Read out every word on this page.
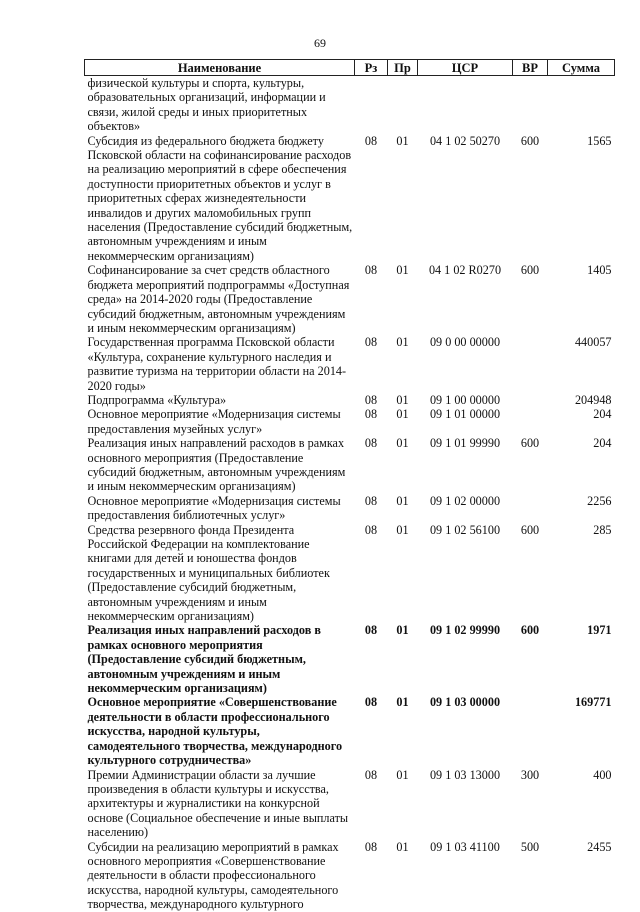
69
Наименование	Рз	Пр	ЦСР	ВР	Сумма
физической культуры и спорта, культуры, образовательных организаций, информации и связи, жилой среды и иных приоритетных объектов»					
Субсидия из федерального бюджета бюджету Псковской области на софинансирование расходов на реализацию мероприятий в сфере обеспечения доступности приоритетных объектов и услуг в приоритетных сферах жизнедеятельности инвалидов и других маломобильных групп населения (Предоставление субсидий бюджетным, автономным учреждениям и иным некоммерческим организациям)	08	01	04 1 02 50270	600	1565
Софинансирование за счет средств областного бюджета мероприятий подпрограммы «Доступная среда» на 2014-2020 годы (Предоставление субсидий бюджетным, автономным учреждениям и иным некоммерческим организациям)	08	01	04 1 02 R0270	600	1405
Государственная программа Псковской области «Культура, сохранение культурного наследия и развитие туризма на территории области на 2014-2020 годы»	08	01	09 0 00 00000		440057
Подпрограмма «Культура»	08	01	09 1 00 00000		204948
Основное мероприятие «Модернизация системы предоставления музейных услуг»	08	01	09 1 01 00000		204
Реализация иных направлений расходов в рамках основного мероприятия (Предоставление субсидий бюджетным, автономным учреждениям и иным некоммерческим организациям)	08	01	09 1 01 99990	600	204
Основное мероприятие «Модернизация системы предоставления библиотечных услуг»	08	01	09 1 02 00000		2256
Средства резервного фонда Президента Российской Федерации на комплектование книгами для детей и юношества фондов государственных и муниципальных библиотек (Предоставление субсидий бюджетным, автономным учреждениям и иным некоммерческим организациям)	08	01	09 1 02 56100	600	285
Реализация иных направлений расходов в рамках основного мероприятия (Предоставление субсидий бюджетным, автономным учреждениям и иным некоммерческим организациям)	08	01	09 1 02 99990	600	1971
Основное мероприятие «Совершенствование деятельности в области профессионального искусства, народной культуры, самодеятельного творчества, международного культурного сотрудничества»	08	01	09 1 03 00000		169771
Премии Администрации области за лучшие произведения в области культуры и искусства, архитектуры и журналистики на конкурсной основе (Социальное обеспечение и иные выплаты населению)	08	01	09 1 03 13000	300	400
Субсидии на реализацию мероприятий в рамках основного мероприятия «Совершенствование деятельности в области профессионального искусства, народной культуры, самодеятельного творчества, международного культурного	08	01	09 1 03 41100	500	2455
